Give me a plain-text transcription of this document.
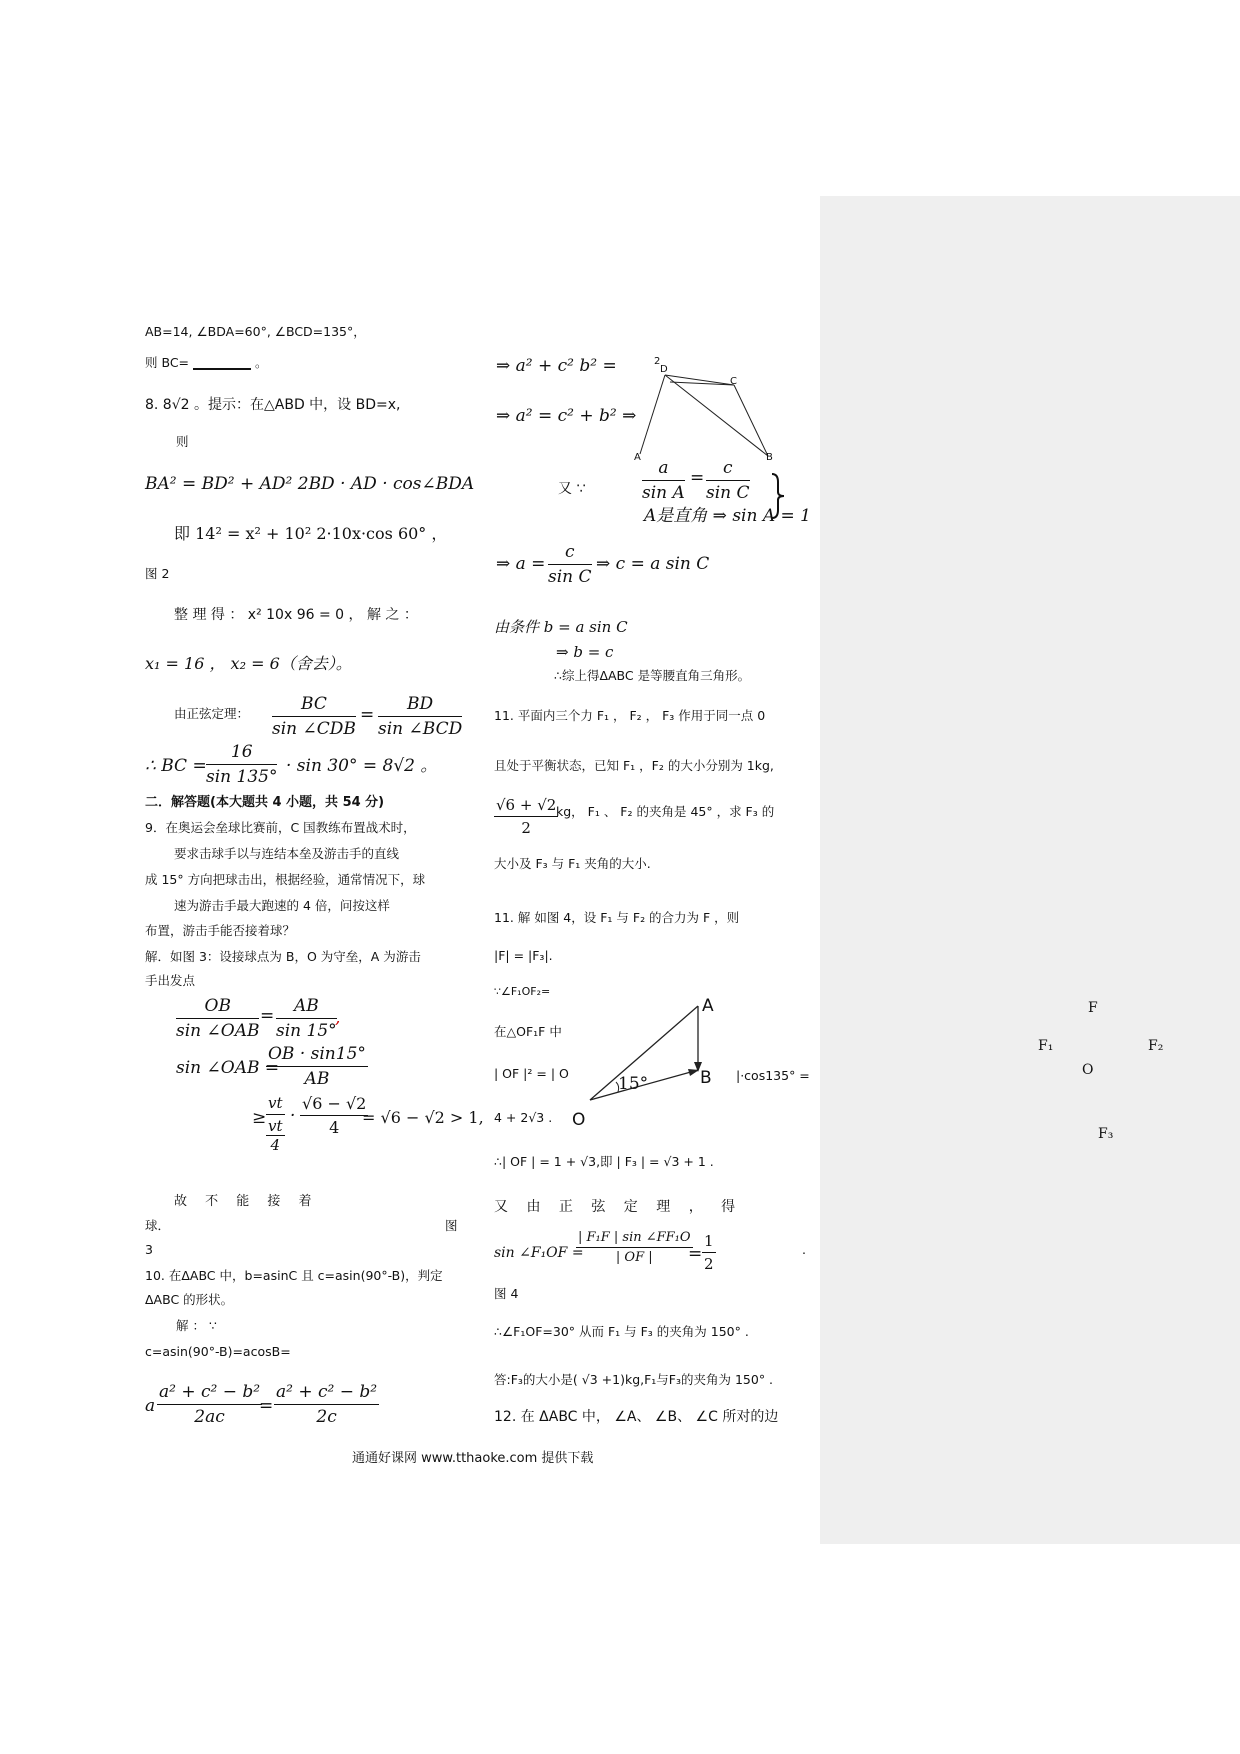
AB=14, ∠BDA=60°, ∠BCD=135°，
则 BC=	。
8. 8√2 。提示：在△ABD 中，设 BD=x,
则
BA² = BD² + AD² 2BD · AD · cos∠BDA
即 14² = x² + 10² 2·10x·cos 60° ，
图 2
整 理 得 ： x² 10x 96 = 0 ， 解 之 ：
x₁ = 16 ， x₂ = 6（舍去）。
由正弦定理：	BC
sin ∠CDB
=
BD
sin ∠BCD
∴ BC = $\frac{16}{\sin 135^\circ} \cdot \sin 30^\circ = 8√2$ 。
二．解答题(本大题共 4 小题，共 54 分)
9．在奥运会垒球比赛前，C 国教练布置战术时，
要求击球手以与连结本垒及游击手的直线
成 15° 方向把球击出，根据经验，通常情况下，球
速为游击手最大跑速的 4 倍，问按这样
布置，游击手能否接着球？
解．如图 3：设接球点为 B，O 为守垒，A 为游击
手出发点
OB
sin ∠OAB
= $\frac{AB}{\sin 15^\circ}$
,
sin ∠OAB =
$\frac{OB \cdot \sin 15^\circ}{AB}$
≥ vt
vt
$4 \cdot \frac{√6 - √2}{4}$
= √6 − √2 > 1,
故 不 能 接 着
球．	图
3
10. 在ΔABC 中，b=asinC 且 c=asin(90°-B)，判定
ΔABC 的形状。
解 ： ∵
c=asin(90°-B)=acosB=
a $\frac{\text{a² + c² − b²}}{2ac}$
= $\frac{\text{a² + c² − b²}}{2c}$
⇒ a² + c² b² =
⇒ a² = c² + b² ⇒
D
C
A	B
2
又 ∵	$\frac{a}{\text{sin A}} = \frac{c}{\text{sin C}}$
A是直角 ⇒ sin A = 1
⇒ $a = \frac{c}{\text{sin C}}$ ⇒ c = a sin C
由条件 b = a sin C
⇒ b = c
∴综上得ΔABC 是等腰直角三角形。
11. 平面内三个力 F₁ ， F₂ ， F₃ 作用于同一点 0
且处于平衡状态，已知 F₁ ，F₂ 的大小分别为 1kg,
$\frac{√6 + √2}{2}$
kg， F₁ 、 F₂ 的夹角是 45° ，求 F₃ 的
大小及 F₃ 与 F₁ 夹角的大小.
11. 解 如图 4，设 F₁ 与 F₂ 的合力为 F ，则
|F| = |F₃|.
∵∠F₁OF₂=
在△OF₁F 中
| OF |² = | O	|·cos135° =
4 + 2√3 .
A
B
O
15°
∴| OF | = 1 + √3,即 | F₃ | = √3 + 1 .
又 由 正 弦 定 理 ， 得
sin ∠F₁OF =
$\frac{\text{| F₁F | sin ∠FF₁O}}{| OF |}$
= $\frac{1}{2}$	.
图 4
∴∠F₁OF=30° 从而 F₁ 与 F₃ 的夹角为 150° .
答:F₃的大小是( √3 +1)kg,F₁与F₃的夹角为 150° .
12. 在 ΔABC 中， ∠A、 ∠B、 ∠C 所对的边
F
F₁	F₂
O
F₃
通通好课网 www.tthaoke.com 提供下载
